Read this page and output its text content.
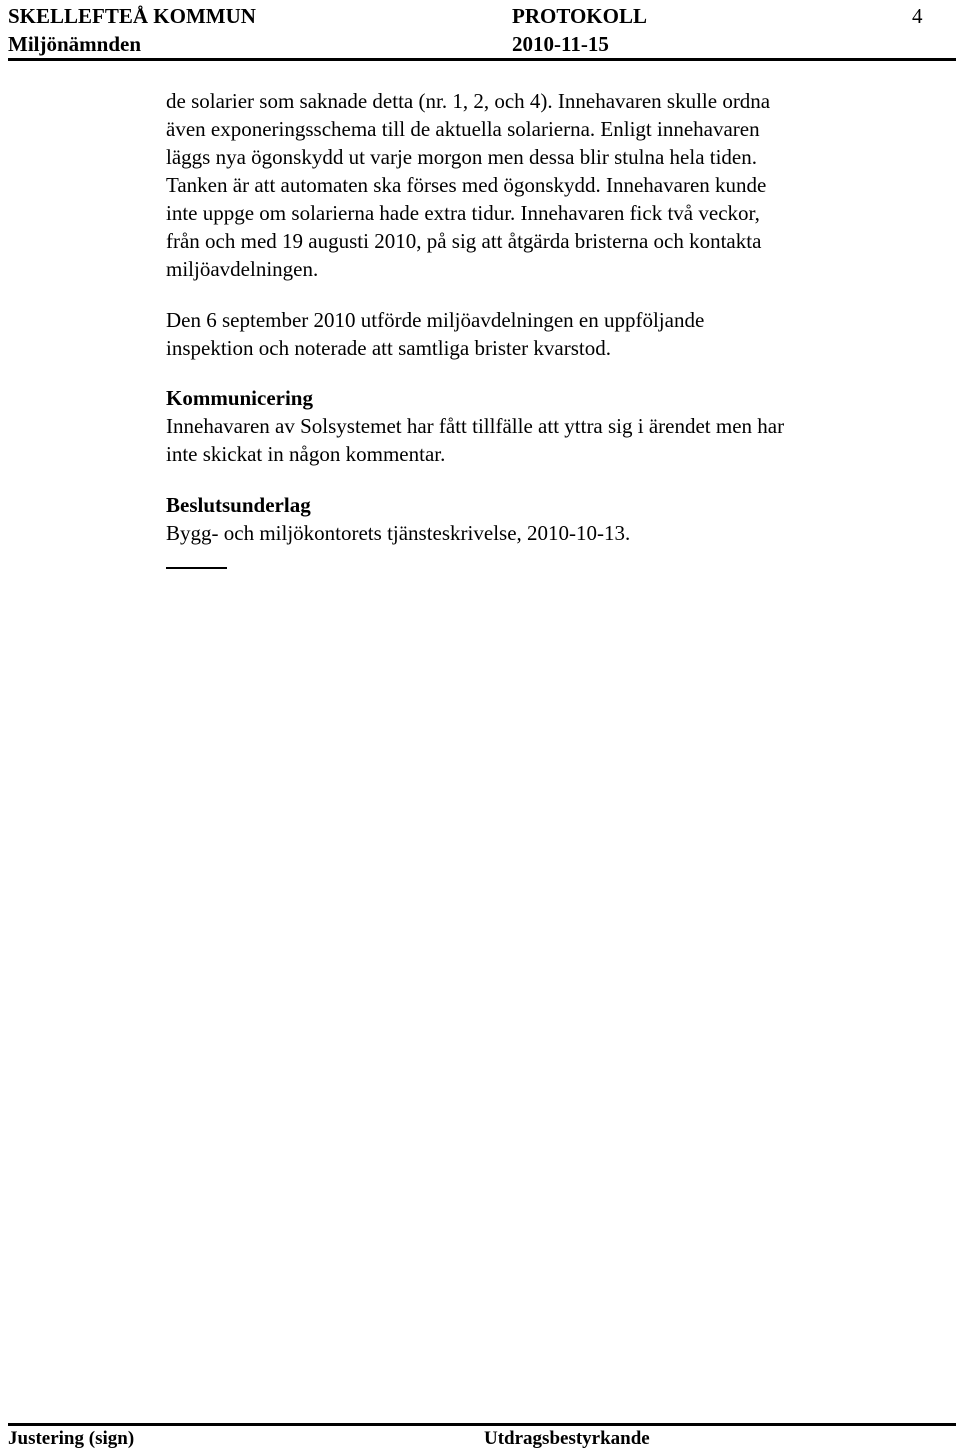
SKELLEFTEÅ KOMMUN	PROTOKOLL	4
Miljönämnden	2010-11-15
de solarier som saknade detta (nr. 1, 2, och 4). Innehavaren skulle ordna
även exponeringsschema till de aktuella solarierna. Enligt innehavaren
läggs nya ögonskydd ut varje morgon men dessa blir stulna hela tiden.
Tanken är att automaten ska förses med ögonskydd. Innehavaren kunde
inte uppge om solarierna hade extra tidur. Innehavaren fick två veckor,
från och med 19 augusti 2010, på sig att åtgärda bristerna och kontakta
miljöavdelningen.
Den 6 september 2010 utförde miljöavdelningen en uppföljande
inspektion och noterade att samtliga brister kvarstod.
Kommunicering
Innehavaren av Solsystemet har fått tillfälle att yttra sig i ärendet men har
inte skickat in någon kommentar.
Beslutsunderlag
Bygg- och miljökontorets tjänsteskrivelse, 2010-10-13.
Justering (sign)	Utdragsbestyrkande
